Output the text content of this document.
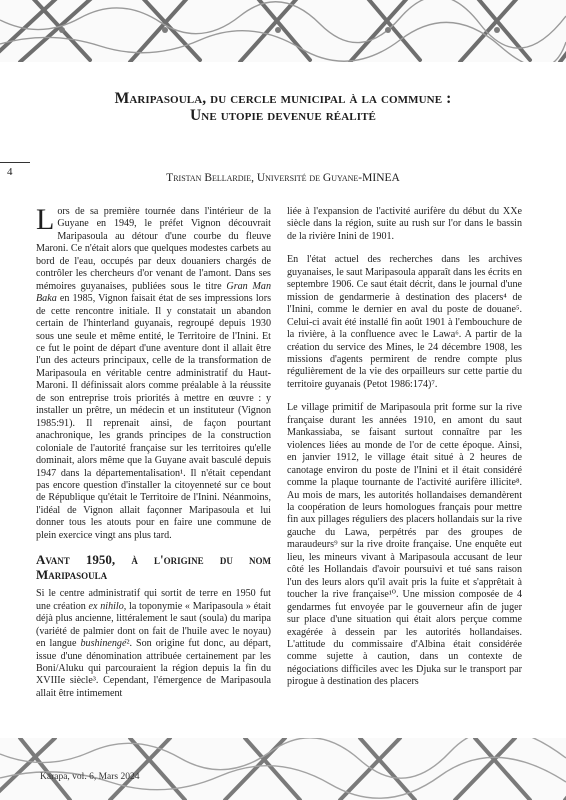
Maripasoula, du cercle municipal à la commune :
Une utopie devenue réalité
4	Tristan Bellardie, Université de Guyane-MINEA

Lors de sa première tournée dans l'intérieur de la Guyane en 1949, le préfet Vignon découvrait Maripasoula au détour d'une courbe du fleuve Maroni. Ce n'était alors que quelques modestes carbets au bord de l'eau, occupés par deux douaniers chargés de contrôler les chercheurs d'or venant de l'amont. Dans ses mémoires guyanaises, publiées sous le titre Gran Man Baka en 1985, Vignon faisait état de ses impressions lors de cette rencontre initiale. Il y constatait un abandon certain de l'hinterland guyanais, regroupé depuis 1930 sous une seule et même entité, le Territoire de l'Inini. Et ce fut le point de départ d'une aventure dont il allait être l'un des acteurs principaux, celle de la transformation de Maripasoula en véritable centre administratif du Haut-Maroni. Il définissait alors comme préalable à la réussite de son entreprise trois priorités à mettre en œuvre : y installer un prêtre, un médecin et un instituteur (Vignon 1985:91). Il reprenait ainsi, de façon pourtant anachronique, les grands principes de la construction coloniale de l'autorité française sur les territoires qu'elle dominait, alors même que la Guyane avait basculé depuis 1947 dans la départementalisation¹. Il n'était cependant pas encore question d'installer la citoyenneté sur ce bout de République qu'était le Territoire de l'Inini. Néanmoins, l'idéal de Vignon allait façonner Maripasoula et lui donner tous les atouts pour en faire une commune de plein exercice vingt ans plus tard.

Avant 1950, à l'origine du nom Maripasoula

Si le centre administratif qui sortit de terre en 1950 fut une création ex nihilo, la toponymie « Maripasoula » était déjà plus ancienne, littéralement le saut (soula) du maripa (variété de palmier dont on fait de l'huile avec le noyau) en langue bushinengé². Son origine fut donc, au départ, issue d'une dénomination attribuée certainement par les Boni/Aluku qui parcouraient la région depuis la fin du XVIIIe siècle³. Cependant, l'émergence de Maripasoula allait être intimement

liée à l'expansion de l'activité aurifère du début du XXe siècle dans la région, suite au rush sur l'or dans le bassin de la rivière Inini de 1901.

En l'état actuel des recherches dans les archives guyanaises, le saut Maripasoula apparaît dans les écrits en septembre 1906. Ce saut était décrit, dans le journal d'une mission de gendarmerie à destination des placers⁴ de l'Inini, comme le dernier en aval du poste de douane⁵. Celui-ci avait été installé fin août 1901 à l'embouchure de la rivière, à la confluence avec le Lawa⁶. A partir de la création du service des Mines, le 24 décembre 1908, les missions d'agents permirent de rendre compte plus régulièrement de la vie des orpailleurs sur cette partie du territoire guyanais (Petot 1986:174)⁷.

Le village primitif de Maripasoula prit forme sur la rive française durant les années 1910, en amont du saut Mankassiaba, se faisant surtout connaître par les violences liées au monde de l'or de cette époque. Ainsi, en janvier 1912, le village était situé à 2 heures de canotage environ du poste de l'Inini et il était considéré comme la plaque tournante de l'activité aurifère illicite⁸. Au mois de mars, les autorités hollandaises demandèrent la coopération de leurs homologues français pour mettre fin aux pillages réguliers des placers hollandais sur la rive gauche du Lawa, perpétrés par des groupes de maraudeurs⁹ sur la rive droite française. Une enquête eut lieu, les mineurs vivant à Maripasoula accusant de leur côté les Hollandais d'avoir poursuivi et tué sans raison l'un des leurs alors qu'il avait pris la fuite et s'apprêtait à toucher la rive française¹⁰. Une mission composée de 4 gendarmes fut envoyée par le gouverneur afin de juger sur place d'une situation qui était alors perçue comme exagérée à dessein par les autorités hollandaises. L'attitude du commissaire d'Albina était considérée comme sujette à caution, dans un contexte de négociations difficiles avec les Djuka sur le transport par pirogue à destination des placers

Karapa, vol. 6, Mars 2024
